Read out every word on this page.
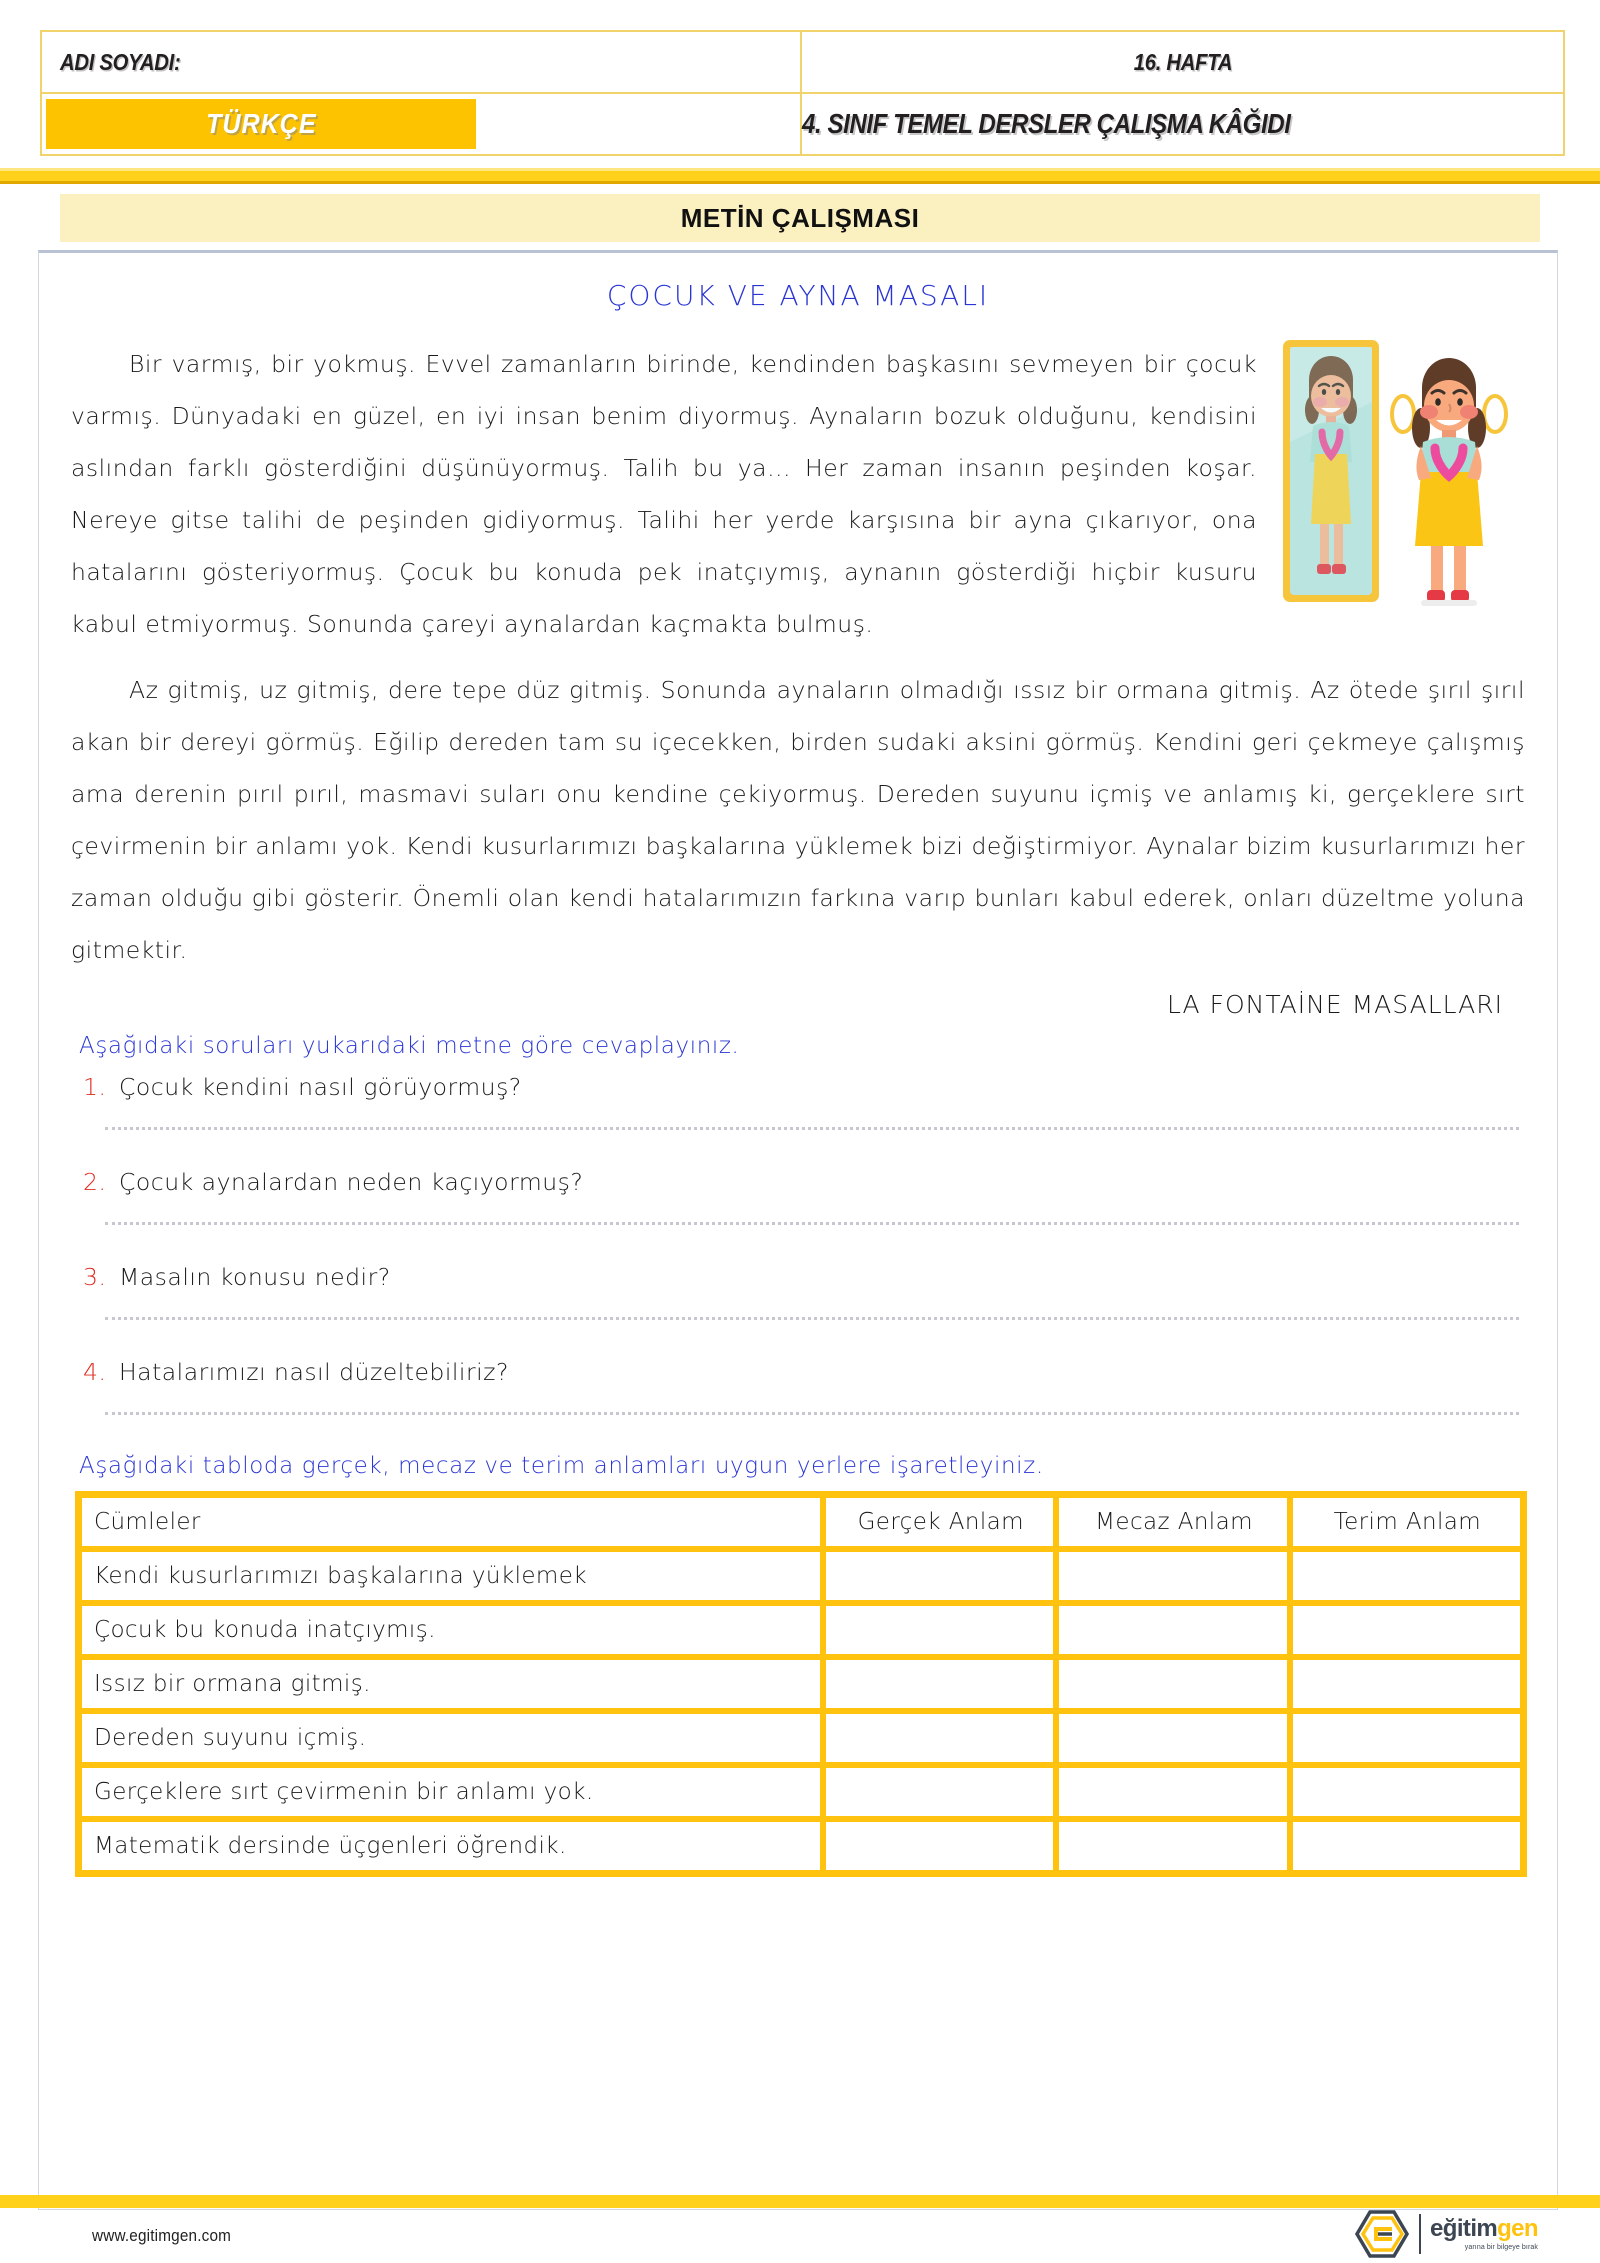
ADI SOYADI:	16. HAFTA

TÜRKÇE	4. SINIF TEMEL DERSLER ÇALIŞMA KÂĞIDI
METİN ÇALIŞMASI
ÇOCUK VE AYNA MASALI

Bir varmış, bir yokmuş. Evvel zamanların birinde, kendinden başkasını sevmeyen bir çocuk varmış. Dünyadaki en güzel, en iyi insan benim diyormuş. Aynaların bozuk olduğunu, kendisini aslından farklı gösterdiğini düşünüyormuş. Talih bu ya... Her zaman insanın peşinden koşar. Nereye gitse talihi de peşinden gidiyormuş. Talihi her yerde karşısına bir ayna çıkarıyor, ona hatalarını gösteriyormuş. Çocuk bu konuda pek inatçıymış, aynanın gösterdiği hiçbir kusuru kabul etmiyormuş. Sonunda çareyi aynalardan kaçmakta bulmuş.

Az gitmiş, uz gitmiş, dere tepe düz gitmiş. Sonunda aynaların olmadığı ıssız bir ormana gitmiş. Az ötede şırıl şırıl akan bir dereyi görmüş. Eğilip dereden tam su içecekken, birden sudaki aksini görmüş. Kendini geri çekmeye çalışmış ama derenin pırıl pırıl, masmavi suları onu kendine çekiyormuş. Dereden suyunu içmiş ve anlamış ki, gerçeklere sırt çevirmenin bir anlamı yok. Kendi kusurlarımızı başkalarına yüklemek bizi değiştirmiyor. Aynalar bizim kusurlarımızı her zaman olduğu gibi gösterir. Önemli olan kendi hatalarımızın farkına varıp bunları kabul ederek, onları düzeltme yoluna gitmektir.

LA FONTAİNE MASALLARI
Aşağıdaki soruları yukarıdaki metne göre cevaplayınız.
1. Çocuk kendini nasıl görüyormuş?
2. Çocuk aynalardan neden kaçıyormuş?
3. Masalın konusu nedir?
4. Hatalarımızı nasıl düzeltebiliriz?
Aşağıdaki tabloda gerçek, mecaz ve terim anlamları uygun yerlere işaretleyiniz.
Cümleler	Gerçek Anlam	Mecaz Anlam	Terim Anlam
Kendi kusurlarımızı başkalarına yüklemek			
Çocuk bu konuda inatçıymış.			
Issız bir ormana gitmiş.			
Dereden suyunu içmiş.			
Gerçeklere sırt çevirmenin bir anlamı yok.			
Matematik dersinde üçgenleri öğrendik.			
www.egitimgen.com	eğitimgen
yarına bir bilgeye bırak
